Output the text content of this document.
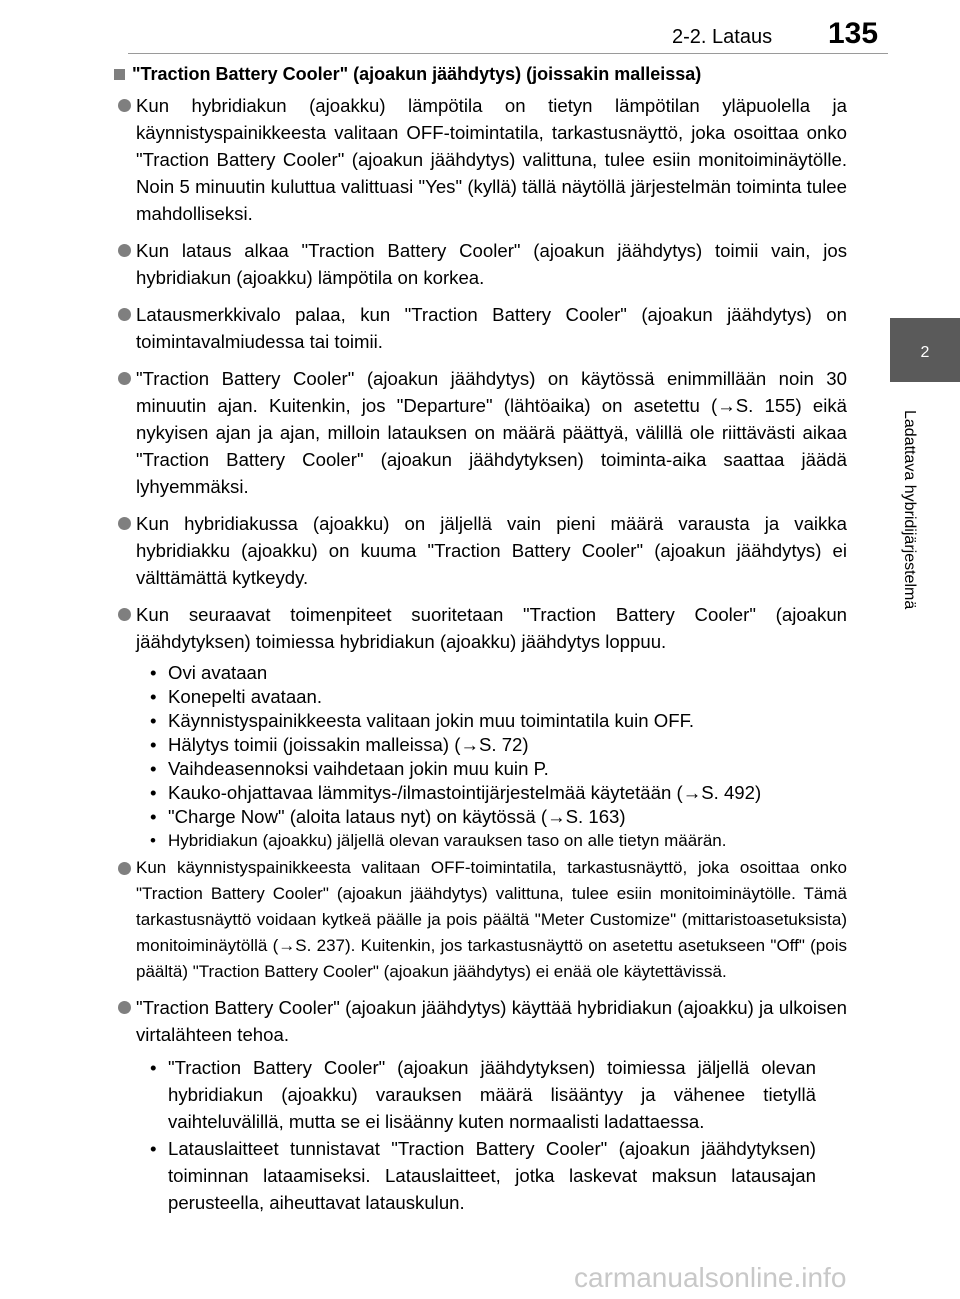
2-2. Lataus 135
2
Ladattava hybridijärjestelmä
"Traction Battery Cooler" (ajoakun jäähdytys) (joissakin malleissa)
Kun hybridiakun (ajoakku) lämpötila on tietyn lämpötilan yläpuolella ja käynnistyspainikkeesta valitaan OFF-toimintatila, tarkastusnäyttö, joka osoittaa onko "Traction Battery Cooler" (ajoakun jäähdytys) valittuna, tulee esiin monitoiminäytölle. Noin 5 minuutin kuluttua valittuasi "Yes" (kyllä) tällä näytöllä järjestelmän toiminta tulee mahdolliseksi.
Kun lataus alkaa "Traction Battery Cooler" (ajoakun jäähdytys) toimii vain, jos hybridiakun (ajoakku) lämpötila on korkea.
Latausmerkkivalo palaa, kun "Traction Battery Cooler" (ajoakun jäähdytys) on toimintavalmiudessa tai toimii.
"Traction Battery Cooler" (ajoakun jäähdytys) on käytössä enimmillään noin 30 minuutin ajan. Kuitenkin, jos "Departure" (lähtöaika) on asetettu (→S. 155) eikä nykyisen ajan ja ajan, milloin latauksen on määrä päättyä, välillä ole riittävästi aikaa "Traction Battery Cooler" (ajoakun jäähdytyksen) toiminta-aika saattaa jäädä lyhyemmäksi.
Kun hybridiakussa (ajoakku) on jäljellä vain pieni määrä varausta ja vaikka hybridiakku (ajoakku) on kuuma "Traction Battery Cooler" (ajoakun jäähdytys) ei välttämättä kytkeydy.
Kun seuraavat toimenpiteet suoritetaan "Traction Battery Cooler" (ajoakun jäähdytyksen) toimiessa hybridiakun (ajoakku) jäähdytys loppuu.
• Ovi avataan
• Konepelti avataan.
• Käynnistyspainikkeesta valitaan jokin muu toimintatila kuin OFF.
• Hälytys toimii (joissakin malleissa) (→S. 72)
• Vaihdeasennoksi vaihdetaan jokin muu kuin P.
• Kauko-ohjattavaa lämmitys-/ilmastointijärjestelmää käytetään (→S. 492)
• "Charge Now" (aloita lataus nyt) on käytössä (→S. 163)
• Hybridiakun (ajoakku) jäljellä olevan varauksen taso on alle tietyn määrän.
Kun käynnistyspainikkeesta valitaan OFF-toimintatila, tarkastusnäyttö, joka osoittaa onko "Traction Battery Cooler" (ajoakun jäähdytys) valittuna, tulee esiin monitoiminäytölle. Tämä tarkastusnäyttö voidaan kytkeä päälle ja pois päältä "Meter Customize" (mittaristoasetuksista) monitoiminäytöllä (→S. 237). Kuitenkin, jos tarkastusnäyttö on asetettu asetukseen "Off" (pois päältä) "Traction Battery Cooler" (ajoakun jäähdytys) ei enää ole käytettävissä.
"Traction Battery Cooler" (ajoakun jäähdytys) käyttää hybridiakun (ajoakku) ja ulkoisen virtalähteen tehoa.
• "Traction Battery Cooler" (ajoakun jäähdytyksen) toimiessa jäljellä olevan hybridiakun (ajoakku) varauksen määrä lisääntyy ja vähenee tietyllä vaihteluvälillä, mutta se ei lisäänny kuten normaalisti ladattaessa.
• Latauslaitteet tunnistavat "Traction Battery Cooler" (ajoakun jäähdytyksen) toiminnan lataamiseksi. Latauslaitteet, jotka laskevat maksun latausajan perusteella, aiheuttavat latauskulun.
carmanualsonline.info
